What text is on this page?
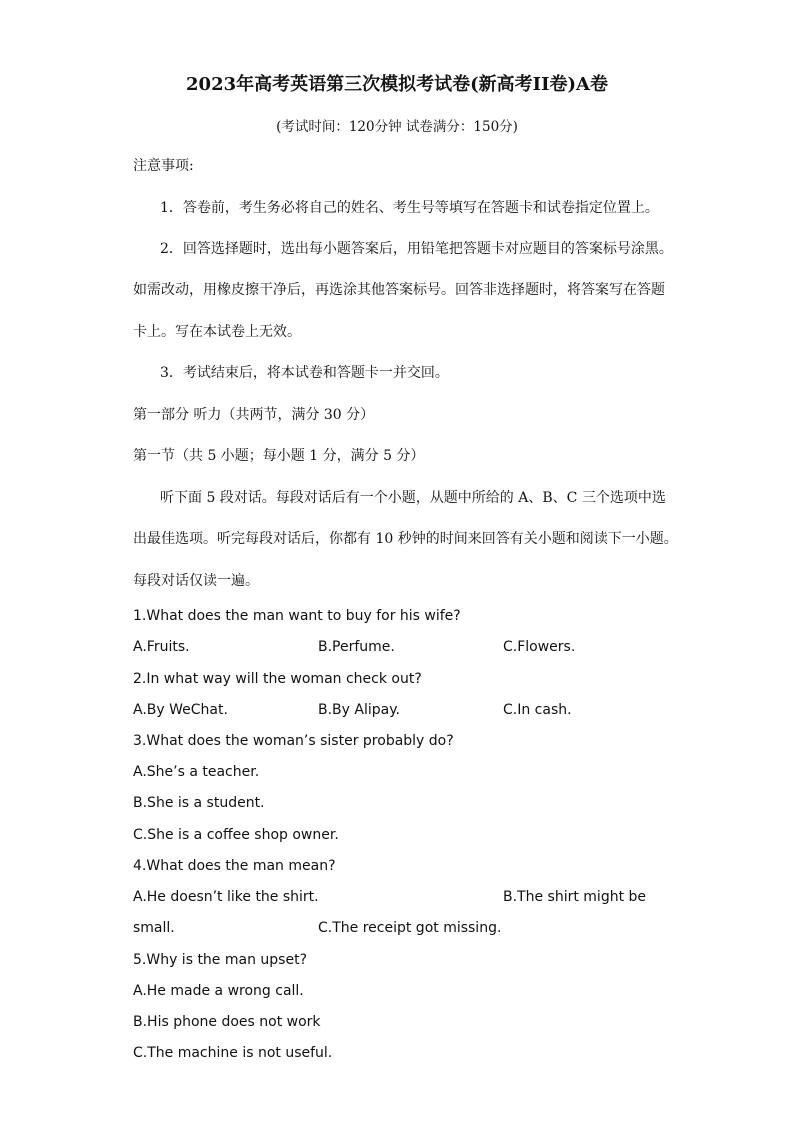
2023年高考英语第三次模拟考试卷(新高考II卷)A卷
(考试时间：120分钟 试卷满分：150分)
注意事项:
1．答卷前，考生务必将自己的姓名、考生号等填写在答题卡和试卷指定位置上。
2．回答选择题时，选出每小题答案后，用铅笔把答题卡对应题目的答案标号涂黑。
如需改动，用橡皮擦干净后，再选涂其他答案标号。回答非选择题时，将答案写在答题
卡上。写在本试卷上无效。
3．考试结束后，将本试卷和答题卡一并交回。
第一部分 听力（共两节，满分 30 分）
第一节（共 5 小题；每小题 1 分，满分 5 分）
听下面 5 段对话。每段对话后有一个小题，从题中所给的 A、B、C 三个选项中选
出最佳选项。听完每段对话后，你都有 10 秒钟的时间来回答有关小题和阅读下一小题。
每段对话仅读一遍。
1.What does the man want to buy for his wife?
A.Fruits.	B.Perfume.	C.Flowers.
2.In what way will the woman check out?
A.By WeChat.	B.By Alipay.	C.In cash.
3.What does the woman’s sister probably do?
A.She’s a teacher.
B.She is a student.
C.She is a coffee shop owner.
4.What does the man mean?
A.He doesn’t like the shirt.	B.The shirt might be
small.	C.The receipt got missing.
5.Why is the man upset?
A.He made a wrong call.
B.His phone does not work
C.The machine is not useful.
